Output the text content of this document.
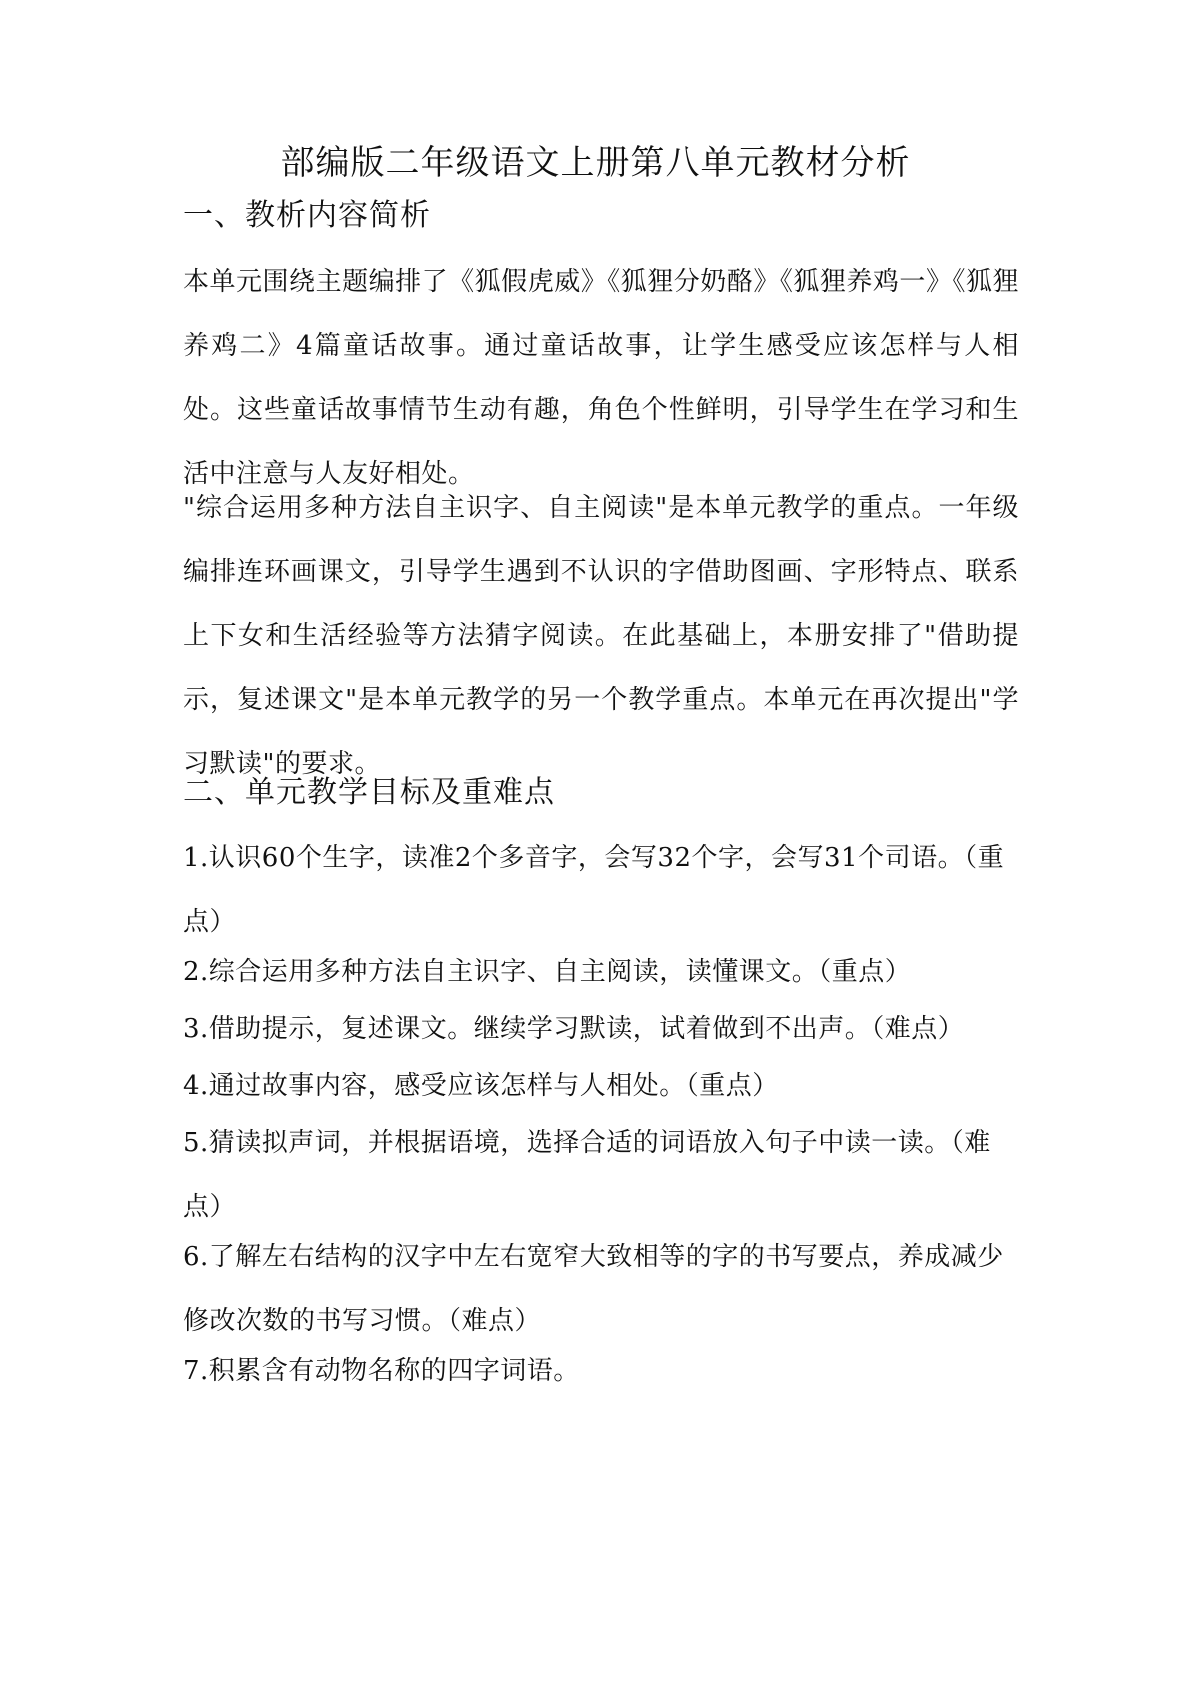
部编版二年级语文上册第八单元教材分析
一、教析内容简析

本单元围绕主题编排了《狐假虎威》《狐狸分奶酪》《狐狸养鸡一》《狐狸养鸡二》4篇童话故事。通过童话故事，让学生感受应该怎样与人相处。这些童话故事情节生动有趣，角色个性鲜明，引导学生在学习和生活中注意与人友好相处。

"综合运用多种方法自主识字、自主阅读"是本单元教学的重点。一年级编排连环画课文，引导学生遇到不认识的字借助图画、字形特点、联系上下女和生活经验等方法猜字阅读。在此基础上，本册安排了"借助提示，复述课文"是本单元教学的另一个教学重点。本单元在再次提出"学习默读"的要求。

二、单元教学目标及重难点

1.认识60个生字，读准2个多音字，会写32个字，会写31个司语。（重点）

2.综合运用多种方法自主识字、自主阅读，读懂课文。（重点）

3.借助提示，复述课文。继续学习默读，试着做到不出声。（难点）

4.通过故事内容，感受应该怎样与人相处。（重点）

5.猜读拟声词，并根据语境，选择合适的词语放入句子中读一读。（难点）

6.了解左右结构的汉字中左右宽窄大致相等的字的书写要点，养成减少修改次数的书写习惯。（难点）

7.积累含有动物名称的四字词语。
